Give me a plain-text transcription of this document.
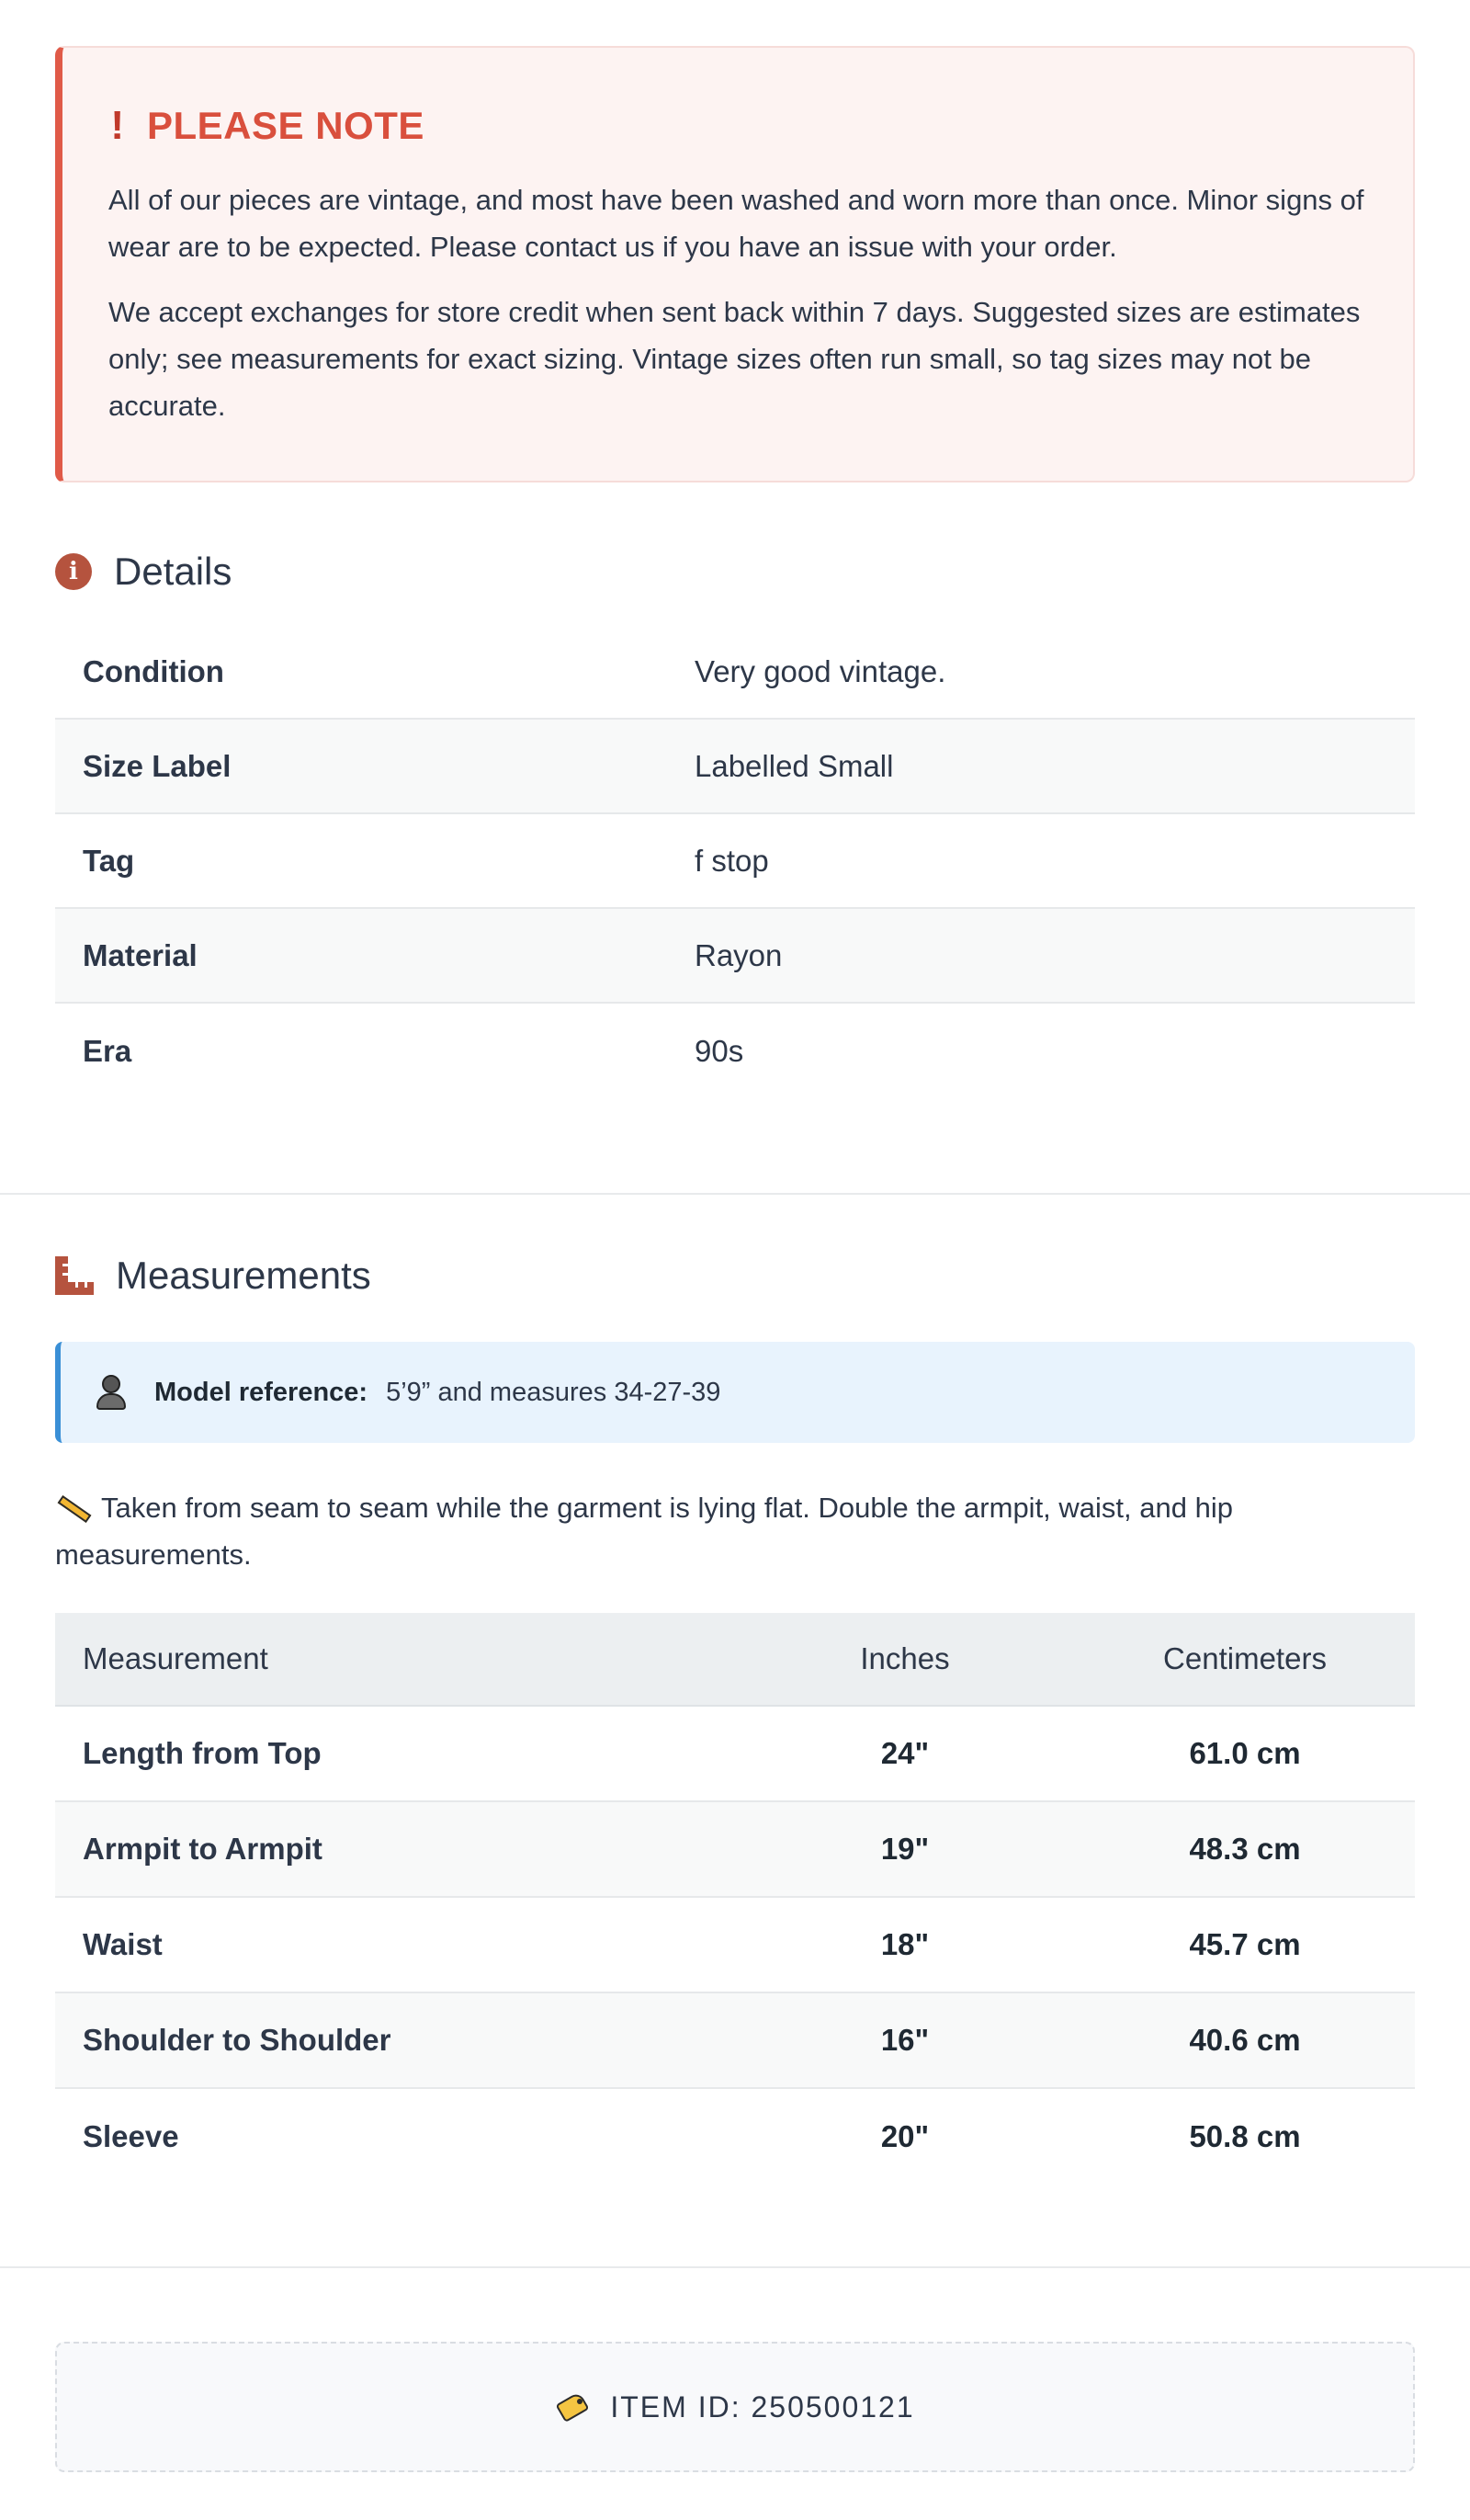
! PLEASE NOTE

All of our pieces are vintage, and most have been washed and worn more than once. Minor signs of wear are to be expected. Please contact us if you have an issue with your order.

We accept exchanges for store credit when sent back within 7 days. Suggested sizes are estimates only; see measurements for exact sizing. Vintage sizes often run small, so tag sizes may not be accurate.

i Details
Condition	Very good vintage.
Size Label	Labelled Small
Tag	f stop
Material	Rayon
Era	90s
Measurements
Model reference: 5’9” and measures 34-27-39
Taken from seam to seam while the garment is lying flat. Double the armpit, waist, and hip measurements.
Measurement	Inches	Centimeters
Length from Top	24"	61.0 cm
Armpit to Armpit	19"	48.3 cm
Waist	18"	45.7 cm
Shoulder to Shoulder	16"	40.6 cm
Sleeve	20"	50.8 cm
ITEM ID: 250500121
